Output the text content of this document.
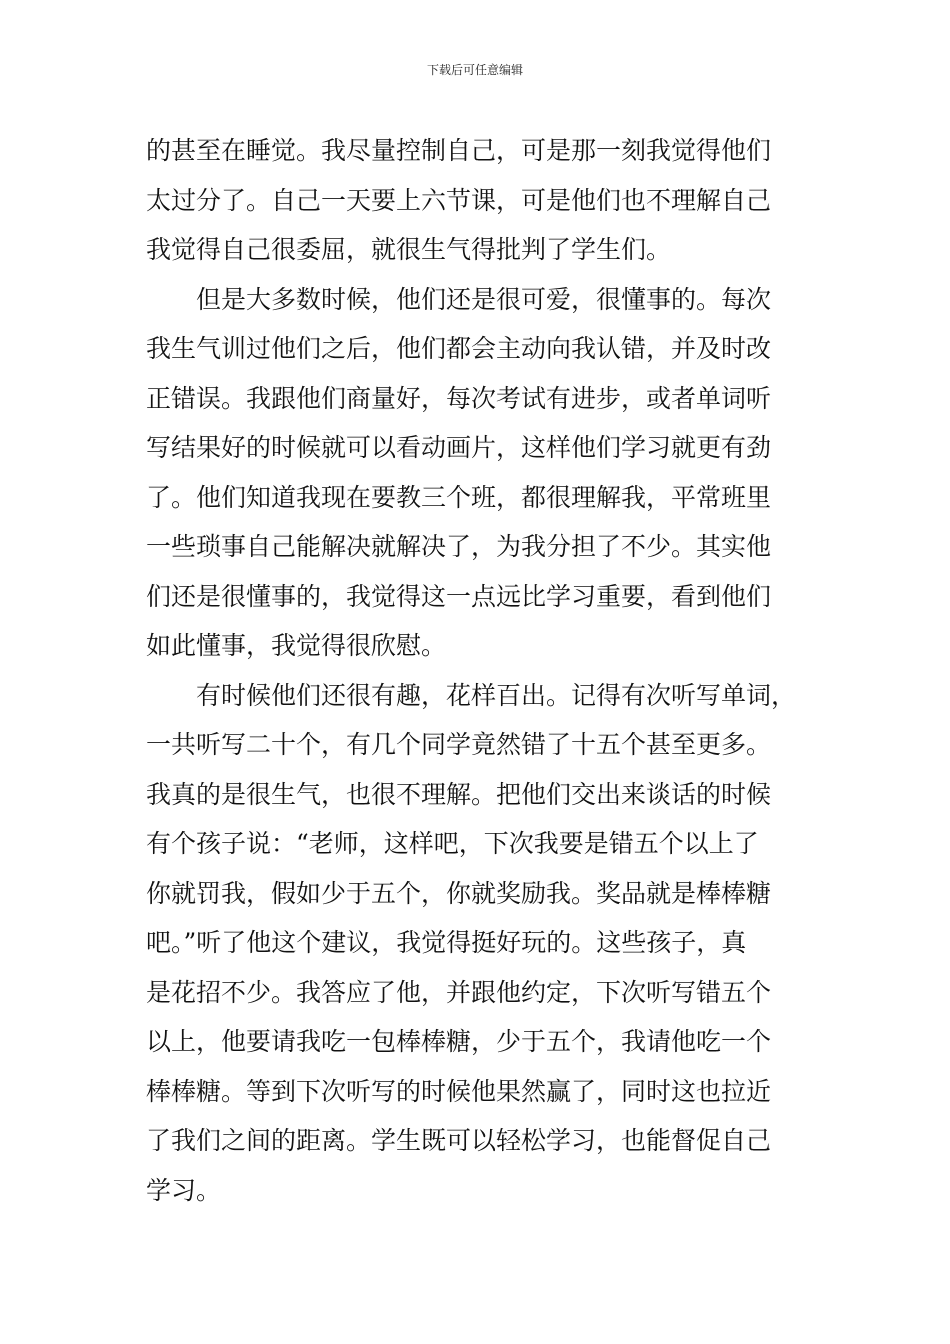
下载后可任意编辑
的甚至在睡觉。我尽量控制自己，可是那一刻我觉得他们
太过分了。自己一天要上六节课，可是他们也不理解自己
我觉得自己很委屈，就很生气得批判了学生们。
但是大多数时候，他们还是很可爱，很懂事的。每次
我生气训过他们之后，他们都会主动向我认错，并及时改
正错误。我跟他们商量好，每次考试有进步，或者单词听
写结果好的时候就可以看动画片，这样他们学习就更有劲
了。他们知道我现在要教三个班，都很理解我，平常班里
一些琐事自己能解决就解决了，为我分担了不少。其实他
们还是很懂事的，我觉得这一点远比学习重要，看到他们
如此懂事，我觉得很欣慰。
有时候他们还很有趣，花样百出。记得有次听写单词，
一共听写二十个，有几个同学竟然错了十五个甚至更多。
我真的是很生气，也很不理解。把他们交出来谈话的时候
有个孩子说：“老师，这样吧，下次我要是错五个以上了
你就罚我，假如少于五个，你就奖励我。奖品就是棒棒糖
吧。”听了他这个建议，我觉得挺好玩的。这些孩子，真
是花招不少。我答应了他，并跟他约定，下次听写错五个
以上，他要请我吃一包棒棒糖，少于五个，我请他吃一个
棒棒糖。等到下次听写的时候他果然赢了，同时这也拉近
了我们之间的距离。学生既可以轻松学习，也能督促自己
学习。
